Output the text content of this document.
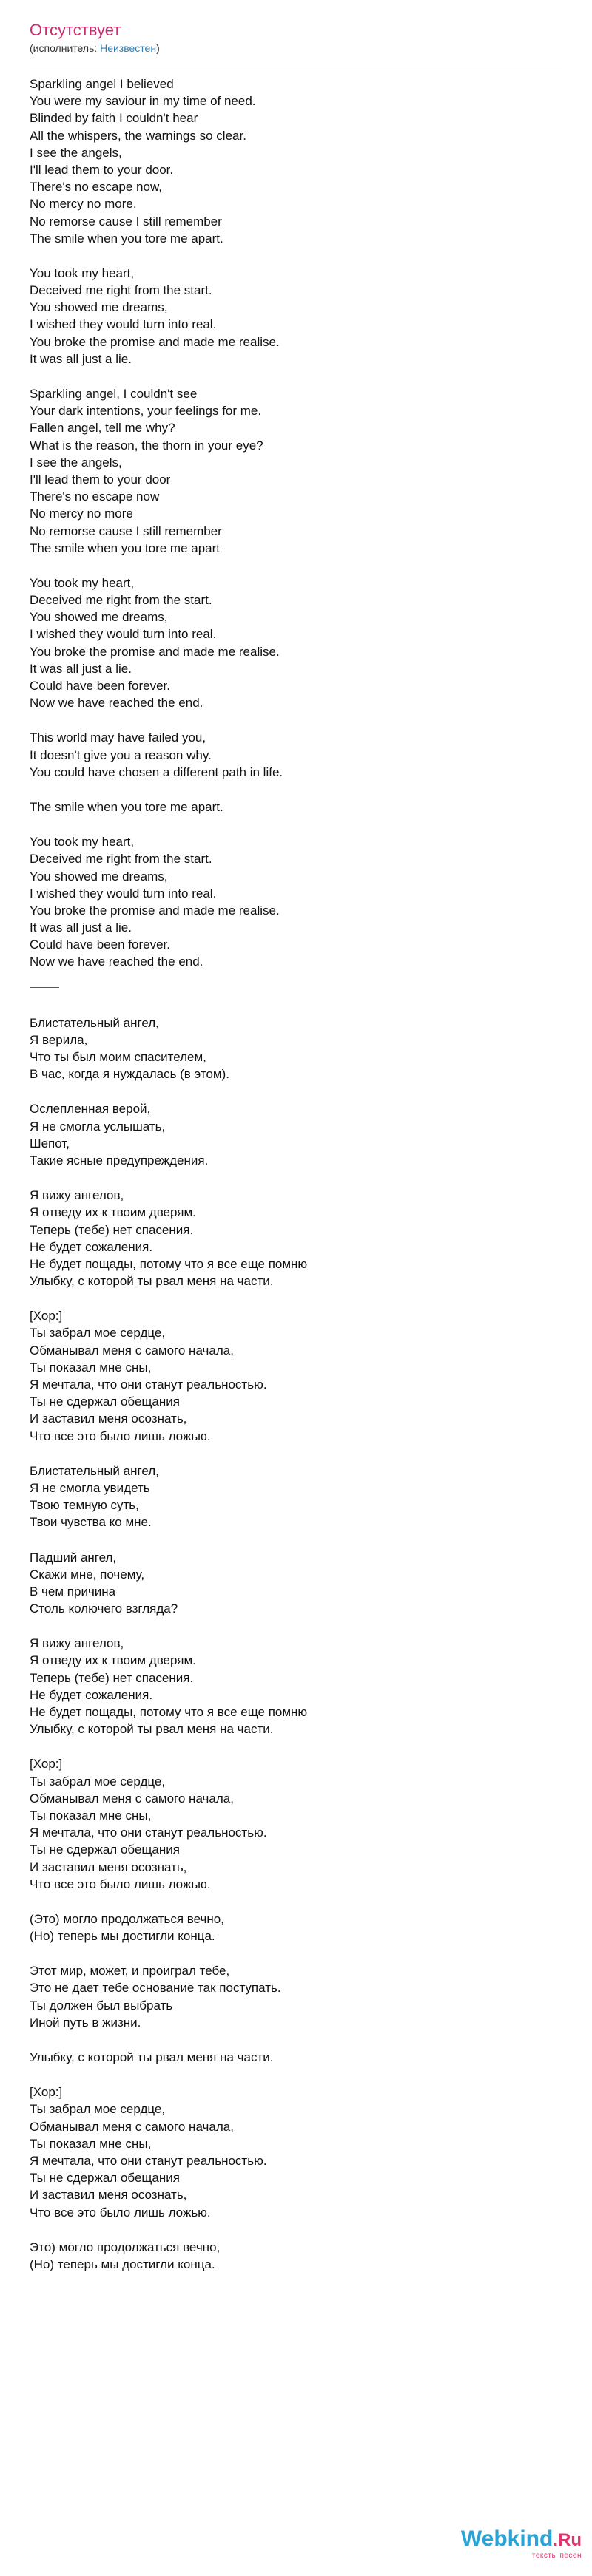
Отсутствует
(исполнитель: Неизвестен)
Sparkling angel I believed
You were my saviour in my time of need.
Blinded by faith I couldn't hear
All the whispers, the warnings so clear.
I see the angels,
I'll lead them to your door.
There's no escape now,
No mercy no more.
No remorse cause I still remember
The smile when you tore me apart.
You took my heart,
Deceived me right from the start.
You showed me dreams,
I wished they would turn into real.
You broke the promise and made me realise.
It was all just a lie.
Sparkling angel, I couldn't see
Your dark intentions, your feelings for me.
Fallen angel, tell me why?
What is the reason, the thorn in your eye?
I see the angels,
I'll lead them to your door
There's no escape now
No mercy no more
No remorse cause I still remember
The smile when you tore me apart
You took my heart,
Deceived me right from the start.
You showed me dreams,
I wished they would turn into real.
You broke the promise and made me realise.
It was all just a lie.
Could have been forever.
Now we have reached the end.
This world may have failed you,
It doesn't give you a reason why.
You could have chosen a different path in life.
The smile when you tore me apart.
You took my heart,
Deceived me right from the start.
You showed me dreams,
I wished they would turn into real.
You broke the promise and made me realise.
It was all just a lie.
Could have been forever.
Now we have reached the end.
Блистательный ангел,
Я верила,
Что ты был моим спасителем,
В час, когда я нуждалась (в этом).
Ослепленная верой,
Я не смогла услышать,
Шепот,
Такие ясные предупреждения.
Я вижу ангелов,
Я отведу их к твоим дверям.
Теперь (тебе) нет спасения.
Не будет сожаления.
Не будет пощады, потому что я все еще помню
Улыбку, с которой ты рвал меня на части.
[Хор:]
Ты забрал мое сердце,
Обманывал меня с самого начала,
Ты показал мне сны,
Я мечтала, что они станут реальностью.
Ты не сдержал обещания
И заставил меня осознать,
Что все это было лишь ложью.
Блистательный ангел,
Я не смогла увидеть
Твою темную суть,
Твои чувства ко мне.
Падший ангел,
Скажи мне, почему,
В чем причина
Столь колючего взгляда?
Я вижу ангелов,
Я отведу их к твоим дверям.
Теперь (тебе) нет спасения.
Не будет сожаления.
Не будет пощады, потому что я все еще помню
Улыбку, с которой ты рвал меня на части.
[Хор:]
Ты забрал мое сердце,
Обманывал меня с самого начала,
Ты показал мне сны,
Я мечтала, что они станут реальностью.
Ты не сдержал обещания
И заставил меня осознать,
Что все это было лишь ложью.
(Это) могло продолжаться вечно,
(Но) теперь мы достигли конца.
Этот мир, может, и проиграл тебе,
Это не дает тебе основание так поступать.
Ты должен был выбрать
Иной путь в жизни.
Улыбку, с которой ты рвал меня на части.
[Хор:]
Ты забрал мое сердце,
Обманывал меня с самого начала,
Ты показал мне сны,
Я мечтала, что они станут реальностью.
Ты не сдержал обещания
И заставил меня осознать,
Что все это было лишь ложью.
Это) могло продолжаться вечно,
(Но) теперь мы достигли конца.
Webkind.Ru
тексты песен
